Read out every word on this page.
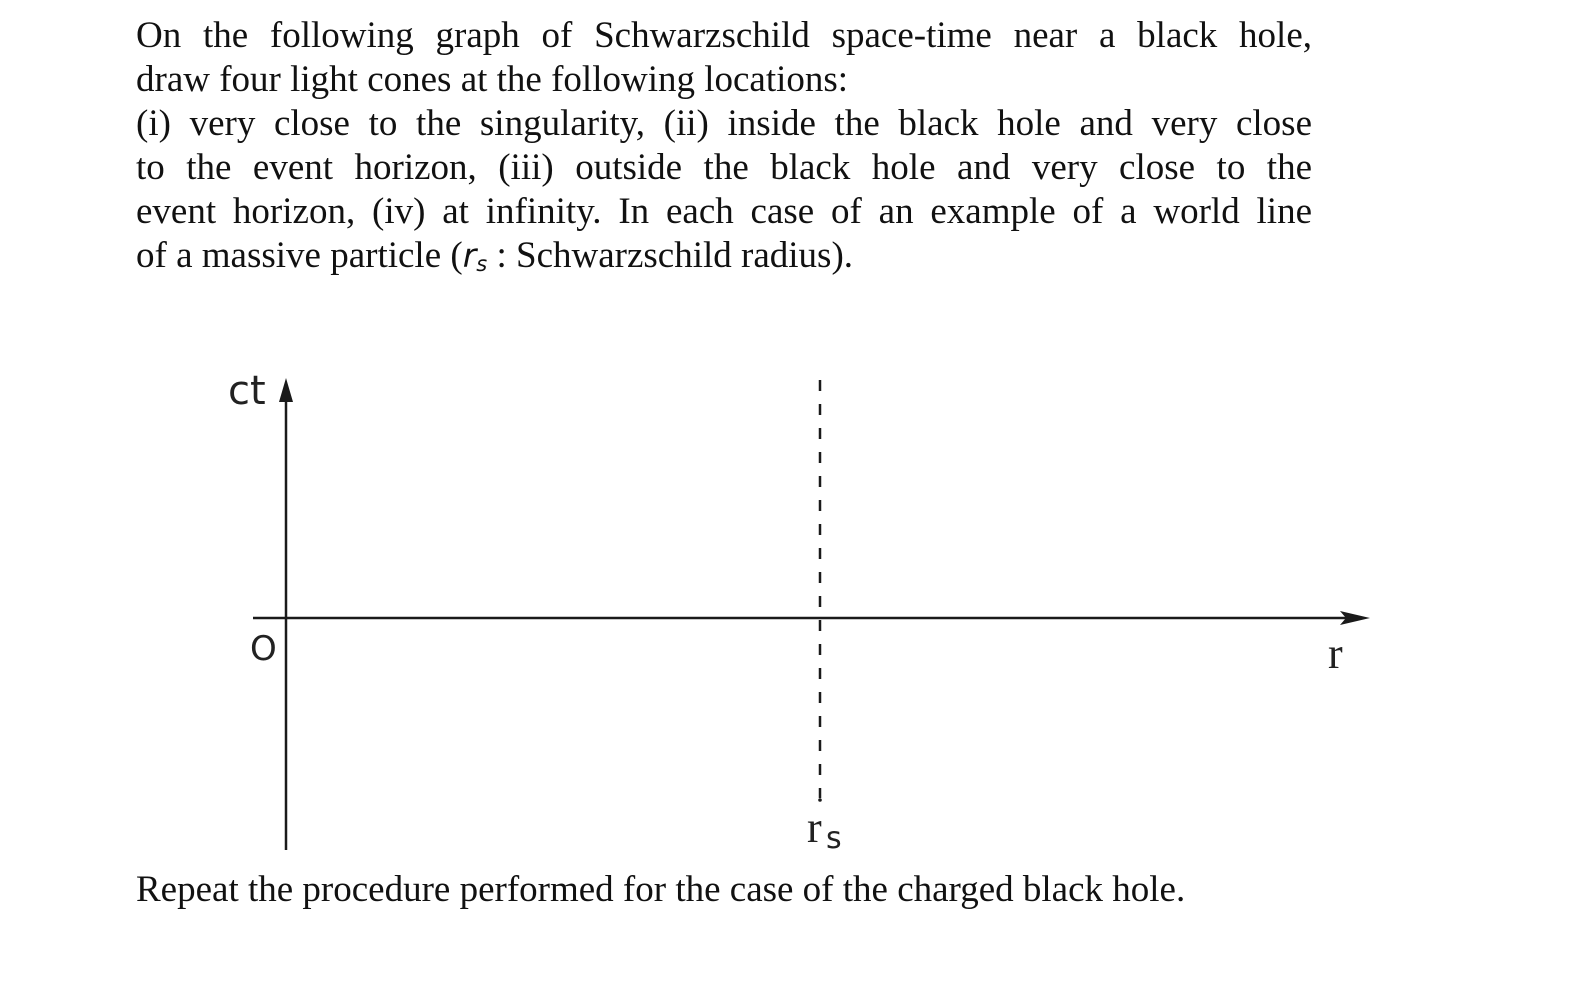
On the following graph of Schwarzschild space-time near a black hole,
draw four light cones at the following locations:
(i) very close to the singularity, (ii) inside the black hole and very close
to the event horizon, (iii) outside the black hole and very close to the
event horizon, (iv) at infinity. In each case of an example of a world line
of a massive particle ($r_s$ : Schwarzschild radius).
ct
O	r
r s
Repeat the procedure performed for the case of the charged black hole.
